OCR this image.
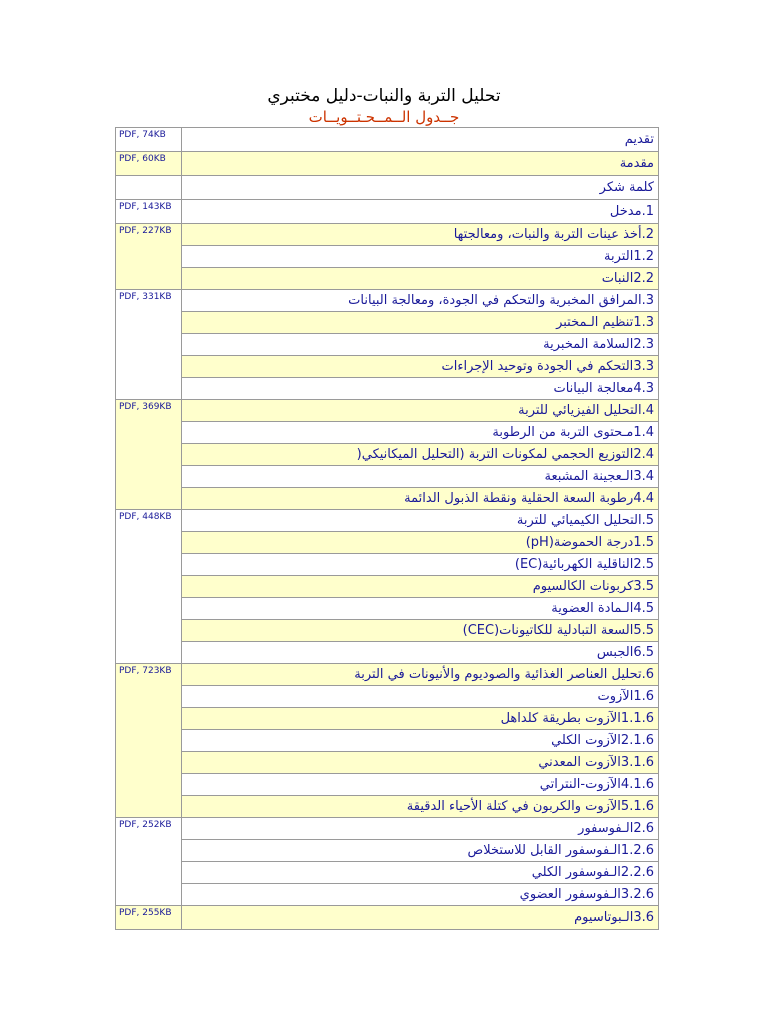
تحليل التربة والنبات-دليل مختبري
جــدول الــمــحـتــويــات
PDF, 74KB	تقديم
PDF, 60KB	مقدمة
	كلمة شكر
PDF, 143KB	1.مدخل
PDF, 227KB	2.أخذ عينات التربة والنبات، ومعالجتها
	1.2التربة
	2.2النبات
PDF, 331KB	3.المرافق المخبرية والتحكم في الجودة، ومعالجة البيانات
	1.3تنظيم الـمختبر
	2.3السلامة المخبرية
	3.3التحكم في الجودة وتوحيد الإجراءات
	4.3معالجة البيانات
PDF, 369KB	4.التحليل الفيزيائي للتربة
	1.4مـحتوى التربة من الرطوبة
	2.4التوزيع الحجمي لمكونات التربة (التحليل الميكانيكي(
	3.4الـعجينة المشبعة
	4.4رطوبة السعة الحقلية ونقطة الذبول الدائمة
PDF, 448KB	5.التحليل الكيميائي للتربة
	1.5درجة الحموضة(pH)
	2.5الناقلية الكهربائية(EC)
	3.5كربونات الكالسيوم
	4.5الـمادة العضوية
	5.5السعة التبادلية للكاتيونات(CEC)
	6.5الجبس
PDF, 723KB	6.تحليل العناصر الغذائية والصوديوم والأنيونات في التربة
	1.6الآزوت
	1.1.6الآزوت بطريقة كلداهل
	2.1.6الآزوت الكلي
	3.1.6الآزوت المعدني
	4.1.6الآزوت-النتراتي
	5.1.6الآزوت والكربون في كتلة الأحياء الدقيقة
PDF, 252KB	2.6الـفوسفور
	1.2.6الـفوسفور القابل للاستخلاص
	2.2.6الـفوسفور الكلي
	3.2.6الـفوسفور العضوي
PDF, 255KB	3.6الـبوتاسيوم
